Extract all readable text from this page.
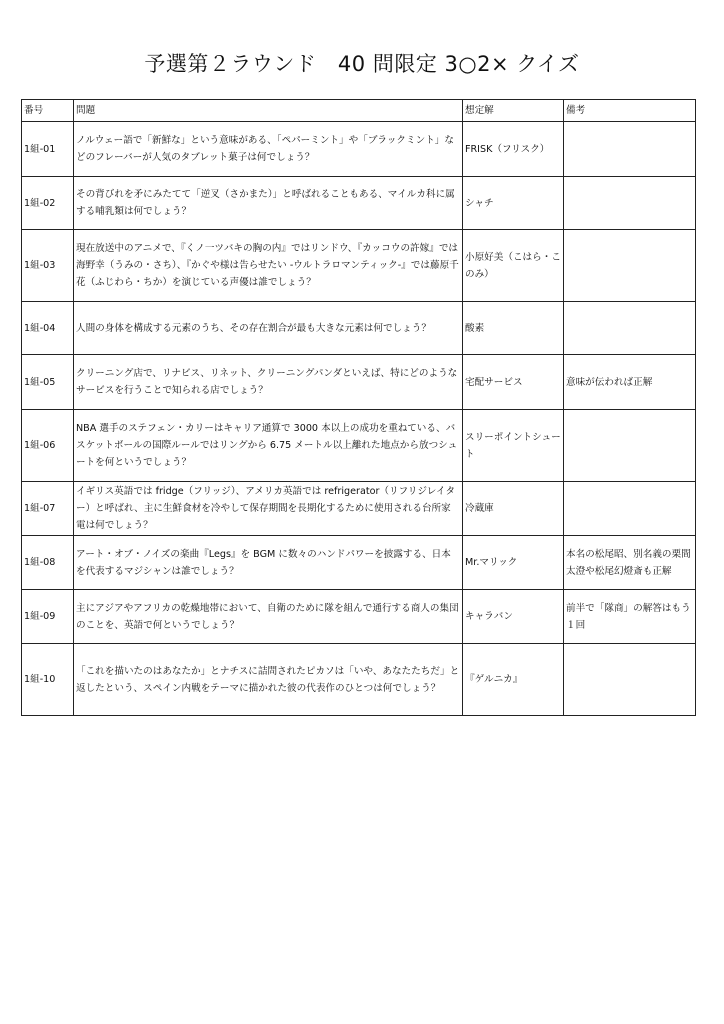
予選第２ラウンド　40 問限定 3○2× クイズ
番号	問題	想定解	備考
1組-01	ノルウェー語で「新鮮な」という意味がある、「ペパーミント」や「ブラックミント」などのフレーバーが人気のタブレット菓子は何でしょう？	FRISK（フリスク）	
1組-02	その背びれを矛にみたてて「逆叉（さかまた）」と呼ばれることもある、マイルカ科に属する哺乳類は何でしょう？	シャチ	
1組-03	現在放送中のアニメで、『くノ一ツバキの胸の内』ではリンドウ、『カッコウの許嫁』では海野幸（うみの・さち）、『かぐや様は告らせたい -ウルトラロマンティック-』では藤原千花（ふじわら・ちか）を演じている声優は誰でしょう？	小原好美（こはら・このみ）	
1組-04	人間の身体を構成する元素のうち、その存在割合が最も大きな元素は何でしょう？	酸素	
1組-05	クリーニング店で、リナビス、リネット、クリーニングパンダといえば、特にどのようなサービスを行うことで知られる店でしょう？	宅配サービス	意味が伝われば正解
1組-06	NBA 選手のステフェン・カリーはキャリア通算で 3000 本以上の成功を重ねている、バスケットボールの国際ルールではリングから 6.75 メートル以上離れた地点から放つシュートを何というでしょう？	スリーポイントシュート	
1組-07	イギリス英語では fridge（フリッジ）、アメリカ英語では refrigerator（リフリジレイター）と呼ばれ、主に生鮮食材を冷やして保存期間を長期化するために使用される台所家電は何でしょう？	冷蔵庫	
1組-08	アート・オブ・ノイズの楽曲『Legs』を BGM に数々のハンドパワーを披露する、日本を代表するマジシャンは誰でしょう？	Mr.マリック	本名の松尾昭、別名義の栗間太澄や松尾幻燈斎も正解
1組-09	主にアジアやアフリカの乾燥地帯において、自衛のために隊を組んで通行する商人の集団のことを、英語で何というでしょう？	キャラバン	前半で「隊商」の解答はもう１回
1組-10	「これを描いたのはあなたか」とナチスに詰問されたピカソは「いや、あなたたちだ」と返したという、スペイン内戦をテーマに描かれた彼の代表作のひとつは何でしょう？	『ゲルニカ』	
